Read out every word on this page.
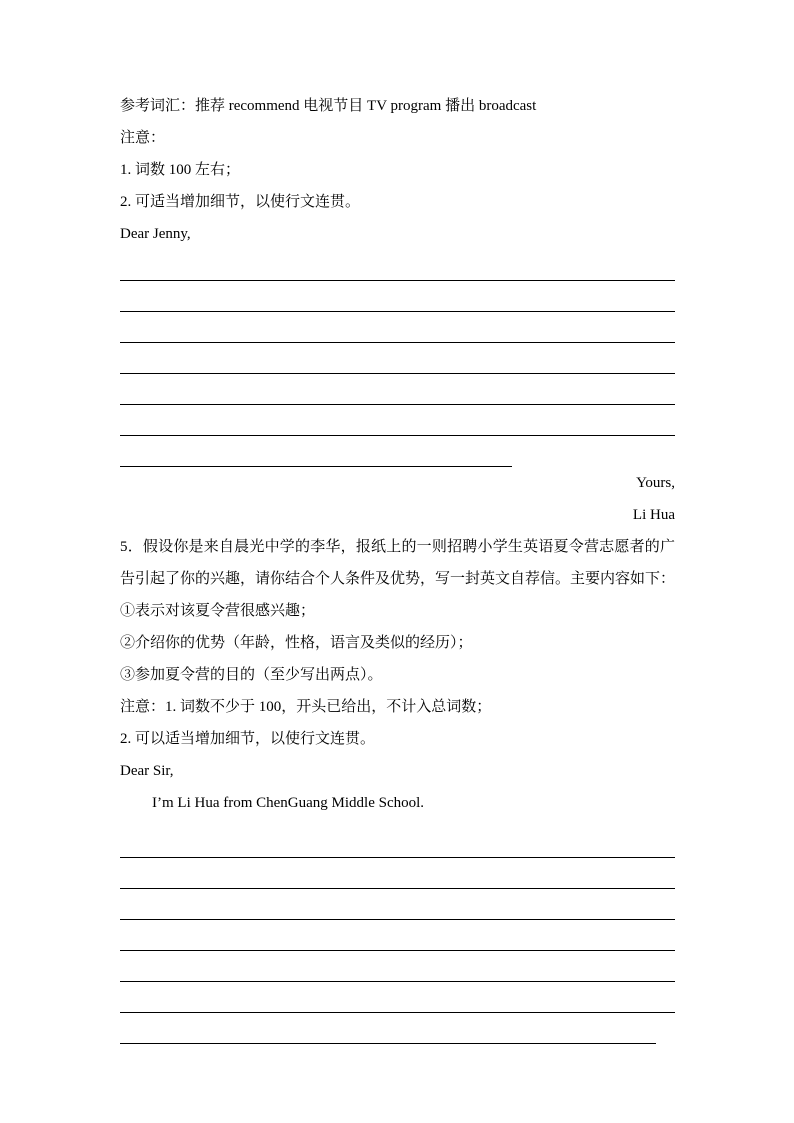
参考词汇：推荐 recommend 电视节目 TV program 播出 broadcast

注意：

1. 词数 100 左右；

2. 可适当增加细节，以使行文连贯。

Dear Jenny,

Yours,

Li Hua

5．假设你是来自晨光中学的李华，报纸上的一则招聘小学生英语夏令营志愿者的广告引起了你的兴趣，请你结合个人条件及优势，写一封英文自荐信。主要内容如下：

①表示对该夏令营很感兴趣；

②介绍你的优势（年龄，性格，语言及类似的经历）；

③参加夏令营的目的（至少写出两点）。

注意：1. 词数不少于 100，开头已给出，不计入总词数；

2. 可以适当增加细节，以使行文连贯。

Dear Sir,

I’m Li Hua from ChenGuang Middle School.
